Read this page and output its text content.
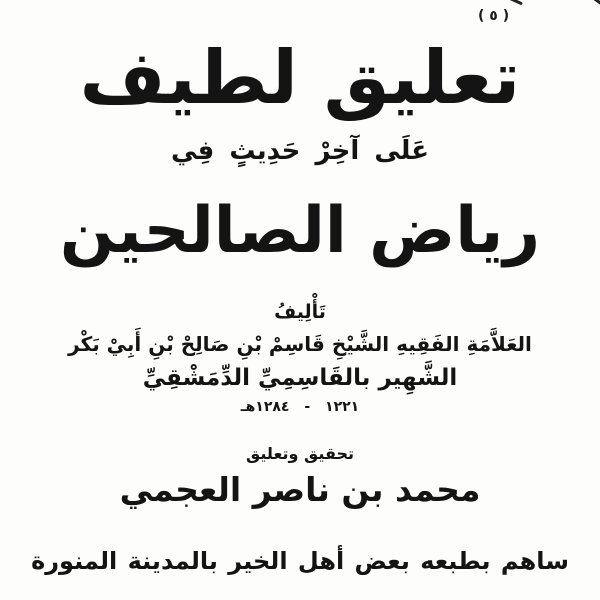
( ٥ )
تعليق لطيف
عَلَى آخِرْ حَدِيثٍ فِي
رياض الصالحين
تَأْلِيفُ
العَلاَّمَةِ الفَقِيهِ الشَّيْخِ قَاسِمْ بْنِ صَالِحْ بْنِ أَبِيْ بَكْر
الشَّهِير بالقَاسِمِيِّ الدِّمَشْقِيِّ
١٢٢١ - ١٢٨٤هـ
تحقيق وتعليق
محمد بن ناصر العجمي
ساهم بطبعه بعض أهل الخير بالمدينة المنورة
